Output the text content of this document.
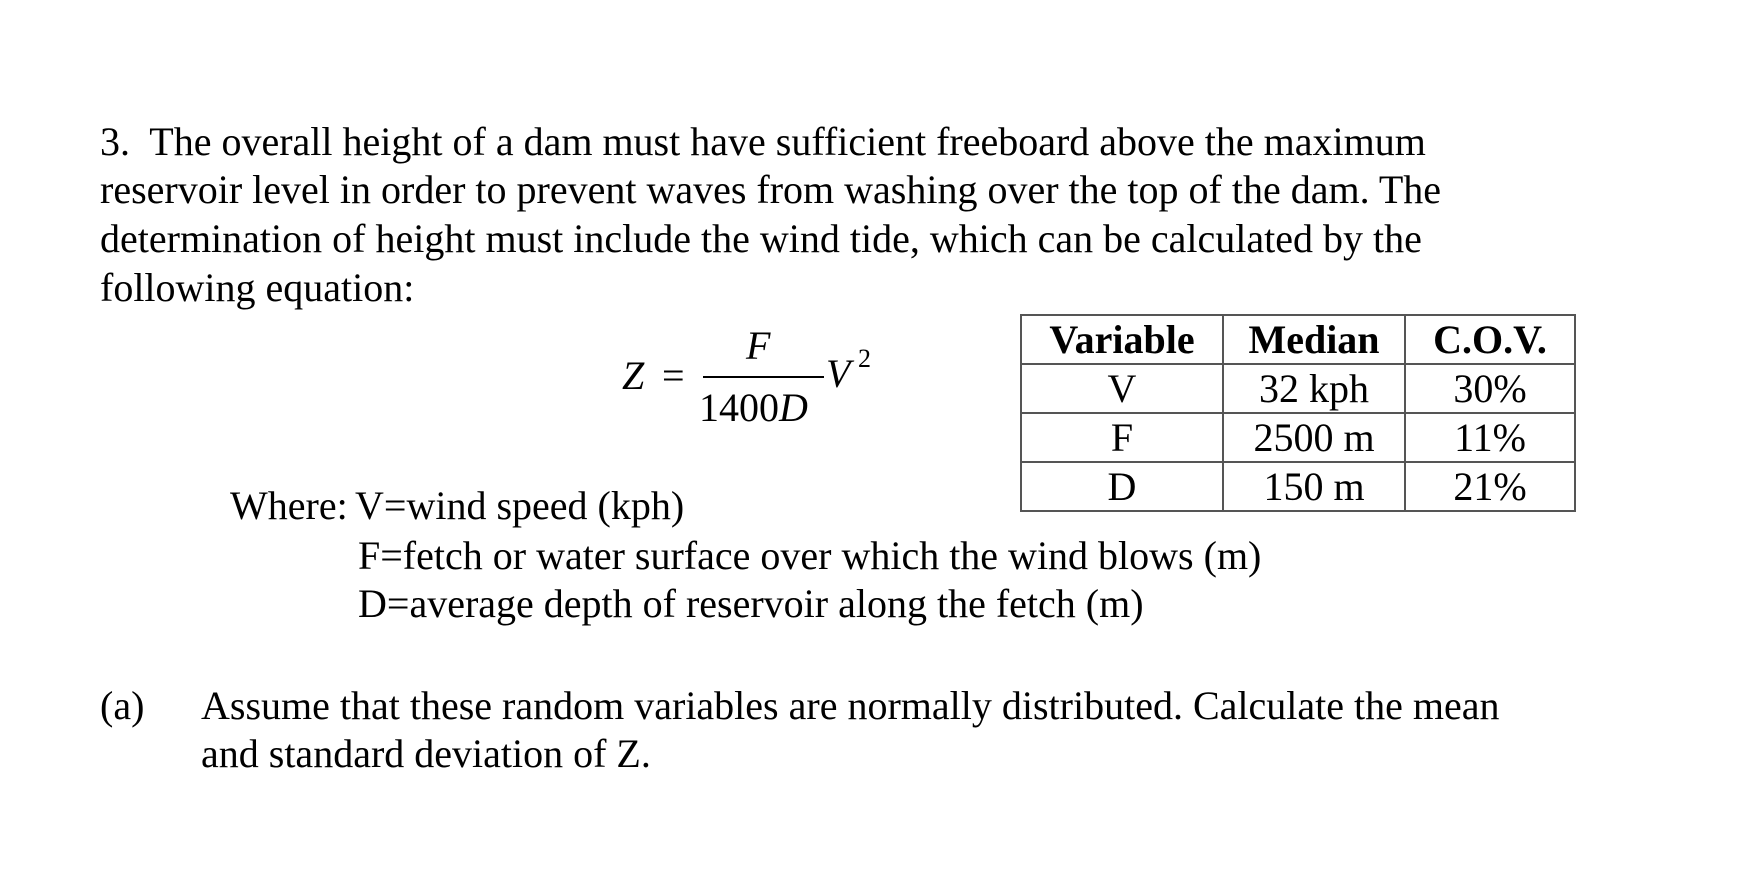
3. The overall height of a dam must have sufficient freeboard above the maximum
reservoir level in order to prevent waves from washing over the top of the dam. The
determination of height must include the wind tide, which can be calculated by the
following equation:
Z =
F
1400D
V 2	Variable	Median	C.O.V.
V	32 kph	30%
F	2500 m	11%
D	150 m	21%
Where: V=wind speed (kph)
F=fetch or water surface over which the wind blows (m)
D=average depth of reservoir along the fetch (m)
(a) Assume that these random variables are normally distributed. Calculate the mean
and standard deviation of Z.
